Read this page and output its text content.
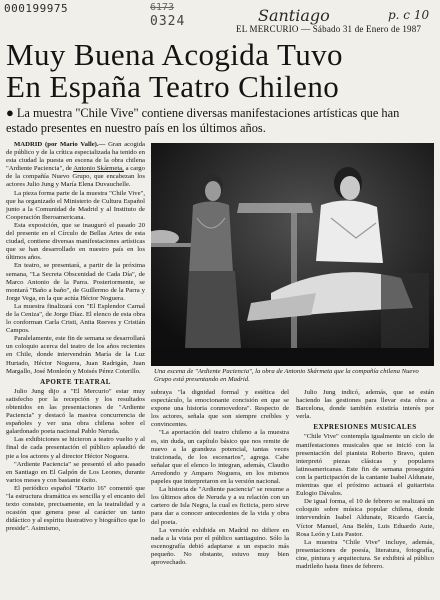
000199975	6173
0324	Santiago	p. c 10
EL MERCURIO — Sábado 31 de Enero de 1987
Muy Buena Acogida Tuvo
En España Teatro Chileno

● La muestra "Chile Vive" contiene diversas manifestaciones artísticas que han estado presentes en nuestro país en los últimos años.

MADRID (por Mario Valle).— Gran acogida de público y de la crítica especializada ha tenido en esta ciudad la puesta en escena de la obra chilena "Ardiente Paciencia", de Antonio Skármeta, a cargo de la compañía Nuevo Grupo, que encabezan los actores Julio Jung y María Elena Duvauchelle.

La pieza forma parte de la muestra "Chile Vive", que ha organizado el Ministerio de Cultura Español junto a la Comunidad de Madrid y al Instituto de Cooperación Iberoamericana.

Esta exposición, que se inauguró el pasado 20 del presente en el Círculo de Bellas Artes de esta ciudad, contiene diversas manifestaciones artísticas que se han desarrollado en nuestro país en los últimos años.

En teatro, se presentará, a partir de la próxima semana, "La Secreta Obscenidad de Cada Día", de Marco Antonio de la Parra. Posteriormente, se montará "Baño a baño", de Guillermo de la Parra y Jorge Vega, en la que actúa Héctor Noguera.

La muestra finalizará con "El Esplendor Carnal de la Ceniza", de Jorge Díaz. El elenco de esta obra lo conforman Carla Cristi, Anita Reeves y Cristián Campos.

Paralelamente, este fin de semana se desarrollará un coloquio acerca del teatro de los años recientes en Chile, donde intervendrán María de la Luz Hurtado, Héctor Noguera, Juan Radrigán, Juan Margallo, José Monleón y Moisés Pérez Coterillo.

APORTE TEATRAL

Julio Jung dijo a "El Mercurio" estar muy satisfecho por la recepción y los resultados obtenidos en las presentaciones de "Ardiente Paciencia" y destacó la masiva concurrencia de españoles y ver una obra chilena sobre el galardonado poeta nacional Pablo Neruda.

Las exhibiciones se hicieron a teatro vuelto y al final de cada presentación el público aplaudió de pie a los actores y al director Héctor Noguera.

"Ardiente Paciencia" se presentó el año pasado en Santiago en El Galpón de Los Leones, durante varios meses y con bastante éxito.

El periódico español "Diario 16" comentó que "la estructura dramática es sencilla y el encanto del texto consiste, precisamente, en la teatralidad y a ocasión que genera pese al carácter un tanto didáctico y al espíritu ilustrativo y biográfico que lo preside". Asimismo,

Una escena de "Ardiente Paciencia", la obra de Antonio Skármeta que la compañía chilena Nuevo Grupo está presentando en Madrid.

subraya "la dignidad formal y estética del espectáculo, la emocionante concisión en que se expone una historia conmovedora". Respecto de los actores, señala que son siempre creíbles y convincentes.

"La aportación del teatro chileno a la muestra es, sin duda, un capítulo básico que nos remite de nuevo a la grandeza potencial, tantas veces traicionada, de los escenarios", agrega. Cabe señalar que el elenco lo integran, además, Claudio Arredondo y Amparo Noguera, en los mismos papeles que interpretaron en la versión nacional.

La historia de "Ardiente paciencia" se resume a los últimos años de Neruda y a su relación con un cartero de Isla Negra, la cual es ficticia, pero sirve para dar a conocer antecedentes de la vida y obra del poeta.

La versión exhibida en Madrid no difiere en nada a la vista por el público santiaguino. Sólo la escenografía debió adaptarse a un espacio más pequeño. No obstante, estuvo muy bien aprovechado.

Julio Jung indicó, además, que se están haciendo las gestiones para llevar esta obra a Barcelona, donde también existiría interés por verla.

EXPRESIONES MUSICALES

"Chile Vive" contempla igualmente un ciclo de manifestaciones musicales que se inició con la presentación del pianista Roberto Bravo, quien interpretó piezas clásicas y populares latinoamericanas. Este fin de semana proseguirá con la participación de la cantante Isabel Aldunate, mientras que el próximo actuará el guitarrista Eulogio Dávalos.

De igual forma, el 10 de febrero se realizará un coloquio sobre música popular chilena, donde intervendrán Isabel Aldunate, Ricardo García, Víctor Manuel, Ana Belén, Luis Eduardo Aute, Rosa León y Luis Pastor.

La muestra "Chile Vive" incluye, además, presentaciones de poesía, literatura, fotografía, cine, pintura y arquitectura. Se exhibirá al público madrileño hasta fines de febrero.
